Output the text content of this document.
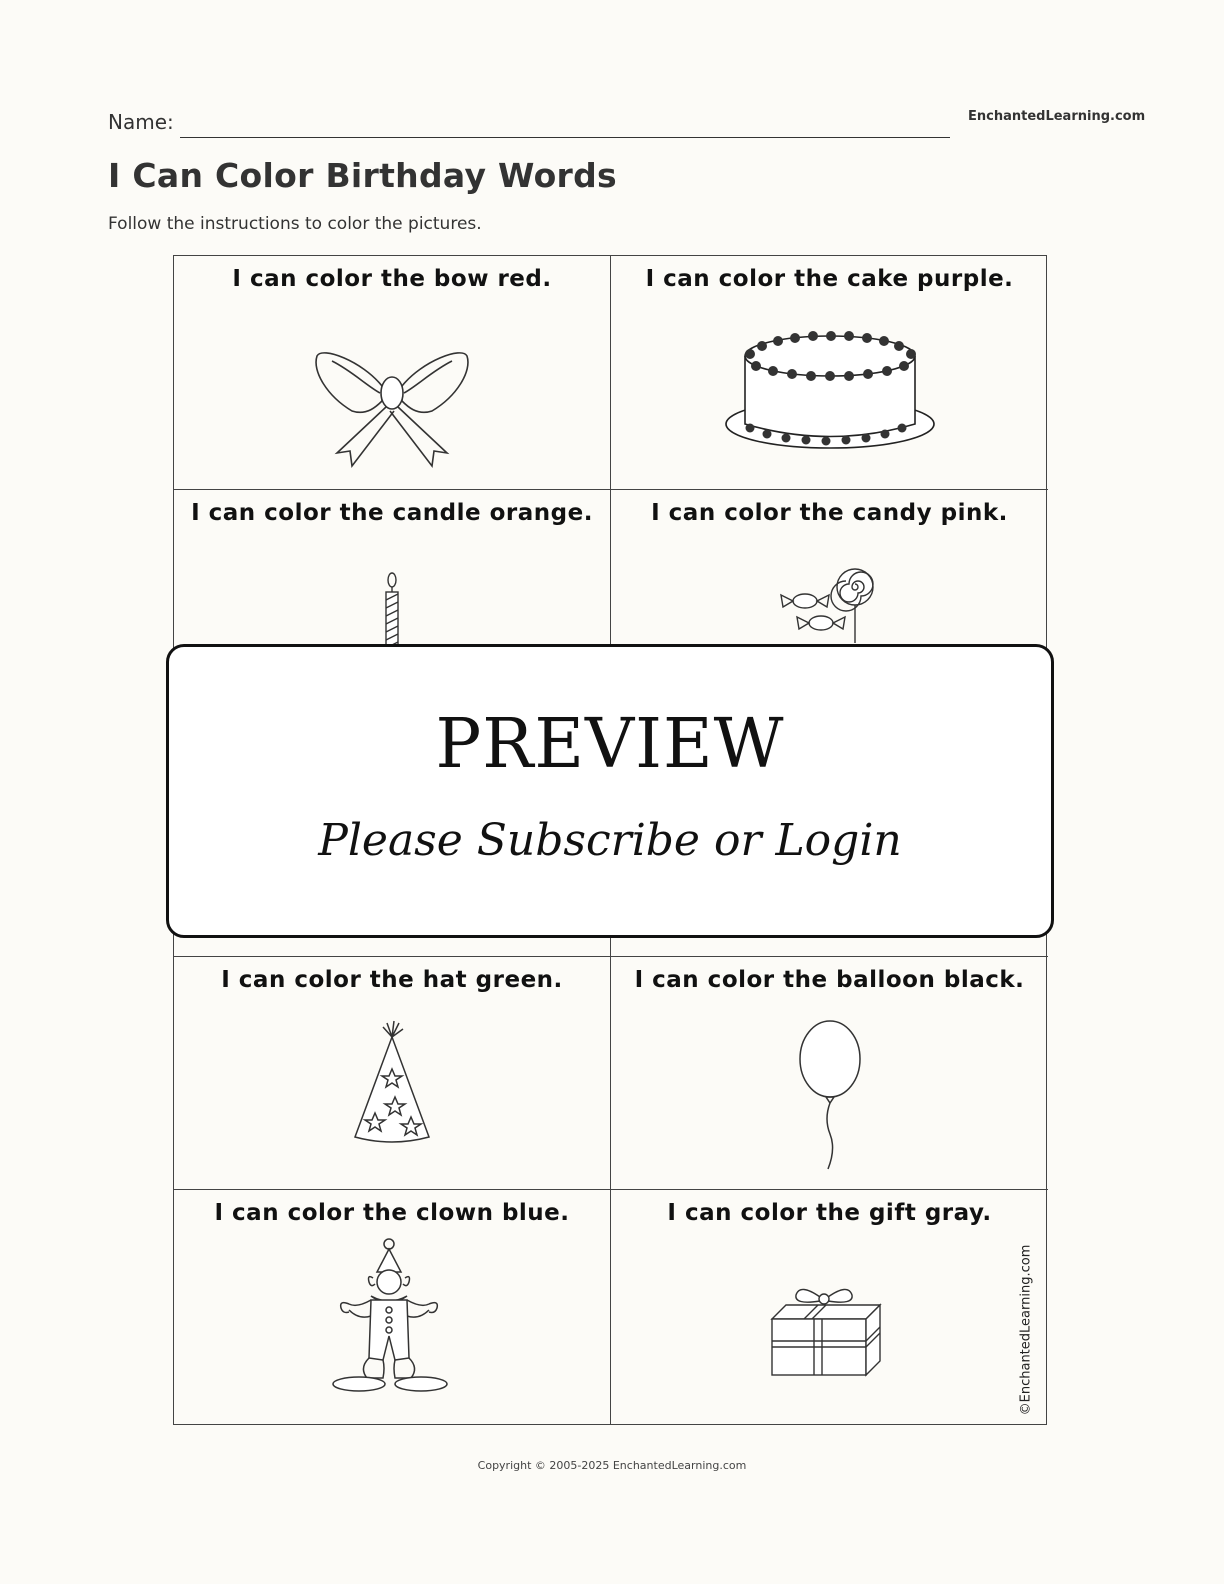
Name:	EnchantedLearning.com
I Can Color Birthday Words
Follow the instructions to color the pictures.
I can color the bow red.	I can color the cake purple.
I can color the candle orange.	I can color the candy pink.
I can color the hat green.	I can color the balloon black.
I can color the clown blue.	I can color the gift gray.
©EnchantedLearning.com
PREVIEW
Please Subscribe or Login
Copyright © 2005-2025 EnchantedLearning.com
